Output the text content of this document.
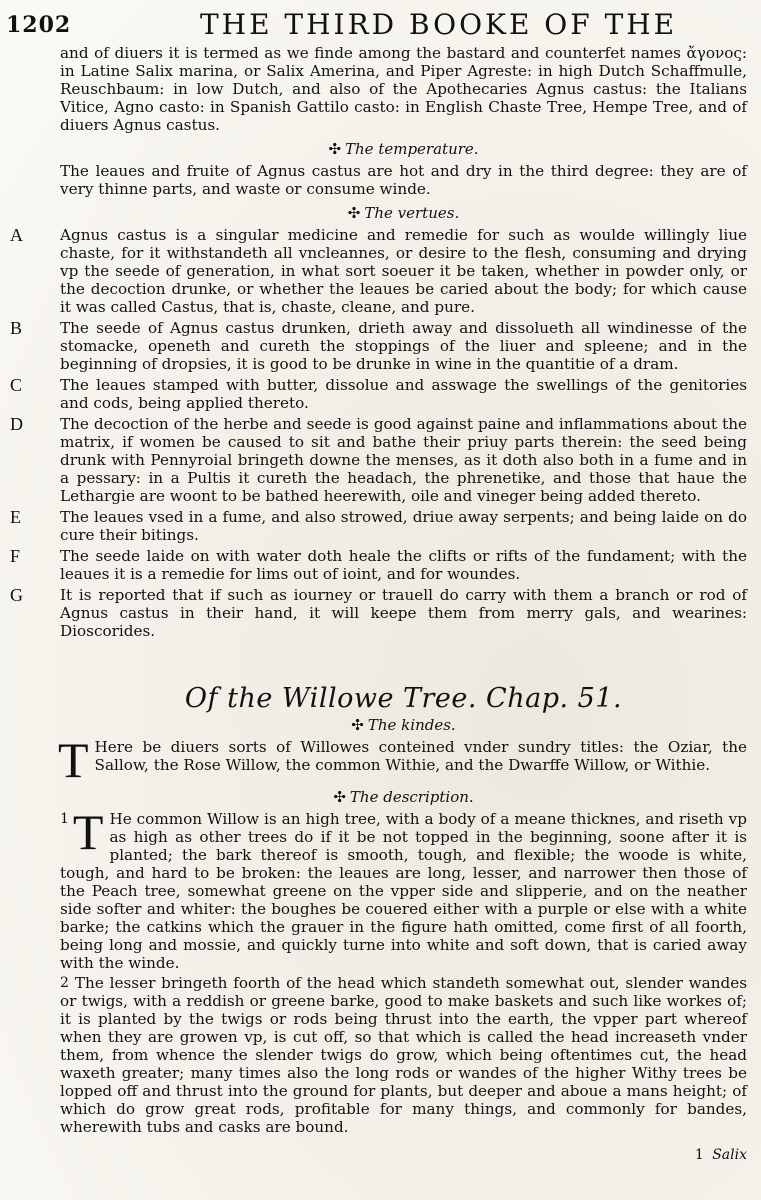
1202	THE THIRD BOOKE OF THE

and of diuers it is termed as we finde among the bastard and counterfet names ἄγονος: in Latine Salix marina, or Salix Amerina, and Piper Agreste: in high Dutch Schaffmulle, Reuschbaum: in low Dutch, and also of the Apothecaries Agnus castus: the Italians Vitice, Agno casto: in Spanish Gattilo casto: in English Chaste Tree, Hempe Tree, and of diuers Agnus castus.

✣ The temperature.

The leaues and fruite of Agnus castus are hot and dry in the third degree: they are of very thinne parts, and waste or consume winde.

✣ The vertues.
A Agnus castus is a singular medicine and remedie for such as woulde willingly liue chaste, for it withstandeth all vncleannes, or desire to the flesh, consuming and drying vp the seede of generation, in what sort soeuer it be taken, whether in powder only, or the decoction drunke, or whether the leaues be caried about the body; for which cause it was called Castus, that is, chaste, cleane, and pure.

B The seede of Agnus castus drunken, drieth away and dissolueth all windinesse of the stomacke, openeth and cureth the stoppings of the liuer and spleene; and in the beginning of dropsies, it is good to be drunke in wine in the quantitie of a dram.

C The leaues stamped with butter, dissolue and asswage the swellings of the genitories and cods, being applied thereto.

D The decoction of the herbe and seede is good against paine and inflammations about the matrix, if women be caused to sit and bathe their priuy parts therein: the seed being drunk with Pennyroial bringeth downe the menses, as it doth also both in a fume and in a pessary: in a Pultis it cureth the headach, the phrenetike, and those that haue the Lethargie are woont to be bathed heerewith, oile and vineger being added thereto.

E	The leaues vsed in a fume, and also strowed, driue away serpents; and being laide on do cure their bitings.

F	The seede laide on with water doth heale the clifts or rifts of the fundament; with the leaues it is a remedie for lims out of ioint, and for woundes.

G It is reported that if such as iourney or trauell do carry with them a branch or rod of Agnus castus in their hand, it will keepe them from merry gals, and wearines: Dioscorides.

Of the Willowe Tree. Chap. 51.
✣ The kindes.
T Here be diuers sorts of Willowes conteined vnder sundry titles: the Oziar, the Sallow, the Rose Willow, the common Withie, and the Dwarffe Willow, or Withie.

✣ The description.
1 T He common Willow is an high tree, with a body of a meane thicknes, and riseth vp as high as other trees do if it be not topped in the beginning, soone after it is planted; the bark thereof is smooth, tough, and flexible; the woode is white, tough, and hard to be broken: the leaues are long, lesser, and narrower then those of the Peach tree, somewhat greene on the vpper side and slipperie, and on the neather side softer and whiter: the boughes be couered either with a purple or else with a white barke; the catkins which the grauer in the figure hath omitted, come first of all foorth, being long and mossie, and quickly turne into white and soft down, that is caried away with the winde.

2 The lesser bringeth foorth of the head which standeth somewhat out, slender wandes or twigs, with a reddish or greene barke, good to make baskets and such like workes of; it is planted by the twigs or rods being thrust into the earth, the vpper part whereof when they are growen vp, is cut off, so that which is called the head increaseth vnder them, from whence the slender twigs do grow, which being oftentimes cut, the head waxeth greater; many times also the long rods or wandes of the higher Withy trees be lopped off and thrust into the ground for plants, but deeper and aboue a mans height; of which do grow great rods, profitable for many things, and commonly for bandes, wherewith tubs and casks are bound.

1 Salix
